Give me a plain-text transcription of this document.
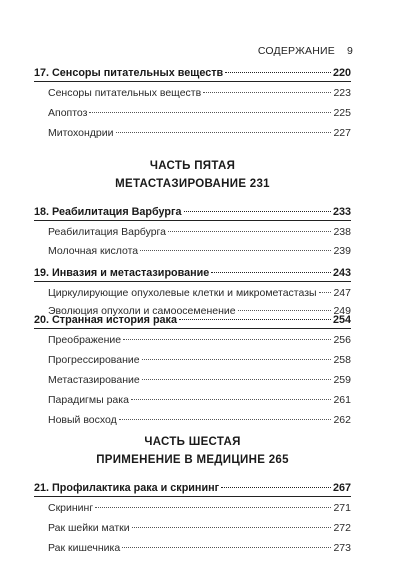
СОДЕРЖАНИЕ 9
17. Сенсоры питательных веществ	220
Сенсоры питательных веществ	223
Апоптоз	225
Митохондрии	227
ЧАСТЬ ПЯТАЯ
МЕТАСТАЗИРОВАНИЕ 231
18. Реабилитация Варбурга	233
Реабилитация Варбурга	238
Молочная кислота	239
19. Инвазия и метастазирование	243
Циркулирующие опухолевые клетки и микрометастазы 247
Эволюция опухоли и самоосеменение	249
20. Странная история рака	254
Преображение	256
Прогрессирование	258
Метастазирование	259
Парадигмы рака	261
Новый восход	262
ЧАСТЬ ШЕСТАЯ
ПРИМЕНЕНИЕ В МЕДИЦИНЕ 265
21. Профилактика рака и скрининг	267
Скрининг	271
Рак шейки матки	272
Рак кишечника	273
